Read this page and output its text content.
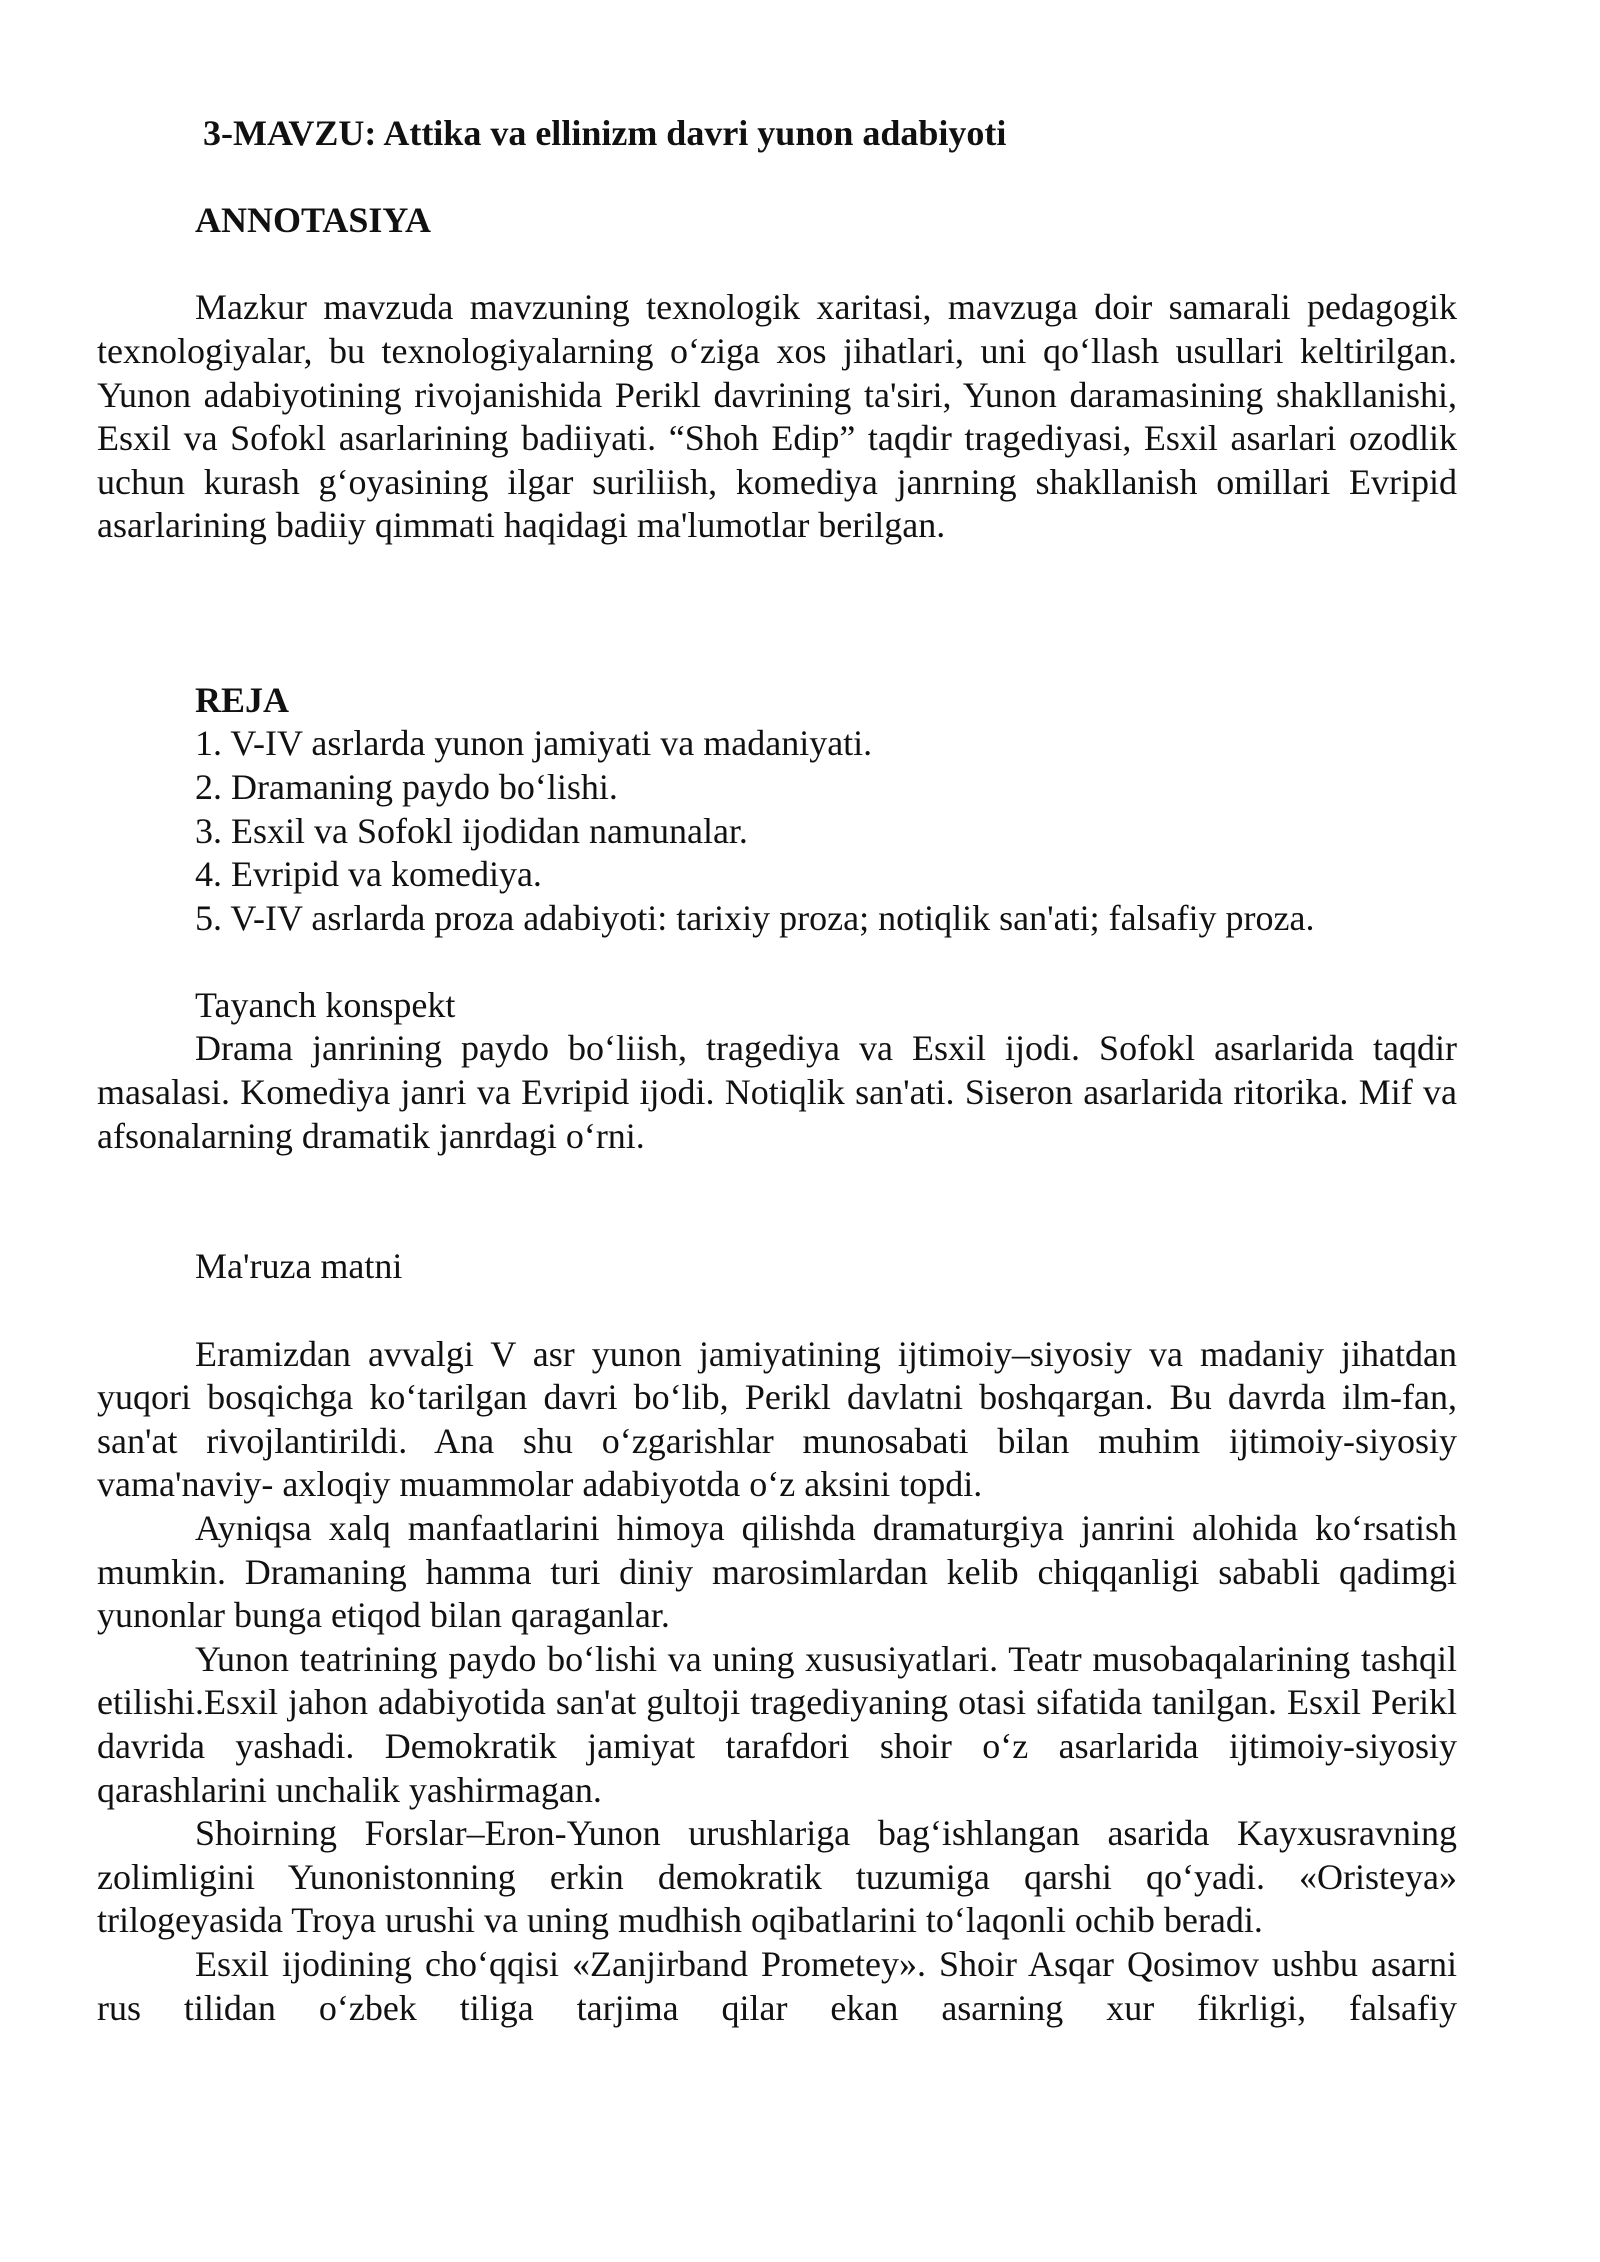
3-MAVZU: Attika va ellinizm davri yunon adabiyoti

ANNOTASIYA

Mazkur mavzuda mavzuning texnologik xaritasi, mavzuga doir samarali pedagogik texnologiyalar, bu texnologiyalarning o‘ziga xos jihatlari, uni qo‘llash usullari keltirilgan. Yunon adabiyotining rivojanishida Perikl davrining ta'siri, Yunon daramasining shakllanishi, Esxil va Sofokl asarlarining badiiyati. “Shoh Edip” taqdir tragediyasi, Esxil asarlari ozodlik uchun kurash g‘oyasining ilgar suriliish, komediya janrning shakllanish omillari Evripid asarlarining badiiy qimmati haqidagi ma'lumotlar berilgan.

REJA

1. V-IV asrlarda yunon jamiyati va madaniyati.
2. Dramaning paydo bo‘lishi.
3. Esxil va Sofokl ijodidan namunalar.
4. Evripid va komediya.
5. V-IV asrlarda proza adabiyoti: tarixiy proza; notiqlik san'ati; falsafiy proza.

Tayanch konspekt

Drama janrining paydo bo‘liish, tragediya va Esxil ijodi. Sofokl asarlarida taqdir masalasi. Komediya janri va Evripid ijodi. Notiqlik san'ati. Siseron asarlarida ritorika. Mif va afsonalarning dramatik janrdagi o‘rni.

Ma'ruza matni

Eramizdan avvalgi V asr yunon jamiyatining ijtimoiy–siyosiy va madaniy jihatdan yuqori bosqichga ko‘tarilgan davri bo‘lib, Perikl davlatni boshqargan. Bu davrda ilm-fan, san'at rivojlantirildi. Ana shu o‘zgarishlar munosabati bilan muhim ijtimoiy-siyosiy vama'naviy- axloqiy muammolar adabiyotda o‘z aksini topdi.

Ayniqsa xalq manfaatlarini himoya qilishda dramaturgiya janrini alohida ko‘rsatish mumkin. Dramaning hamma turi diniy marosimlardan kelib chiqqanligi sababli qadimgi yunonlar bunga etiqod bilan qaraganlar.

Yunon teatrining paydo bo‘lishi va uning xususiyatlari. Teatr musobaqalarining tashqil etilishi.Esxil jahon adabiyotida san'at gultoji tragediyaning otasi sifatida tanilgan. Esxil Perikl davrida yashadi. Demokratik jamiyat tarafdori shoir o‘z asarlarida ijtimoiy-siyosiy qarashlarini unchalik yashirmagan.

Shoirning Forslar–Eron-Yunon urushlariga bag‘ishlangan asarida Kayxusravning zolimligini Yunonistonning erkin demokratik tuzumiga qarshi qo‘yadi. «Oristeya» trilogeyasida Troya urushi va uning mudhish oqibatlarini to‘laqonli ochib beradi.

Esxil ijodining cho‘qqisi «Zanjirband Prometey». Shoir Asqar Qosimov ushbu asarni rus tilidan o‘zbek tiliga tarjima qilar ekan asarning xur fikrligi, falsafiy
